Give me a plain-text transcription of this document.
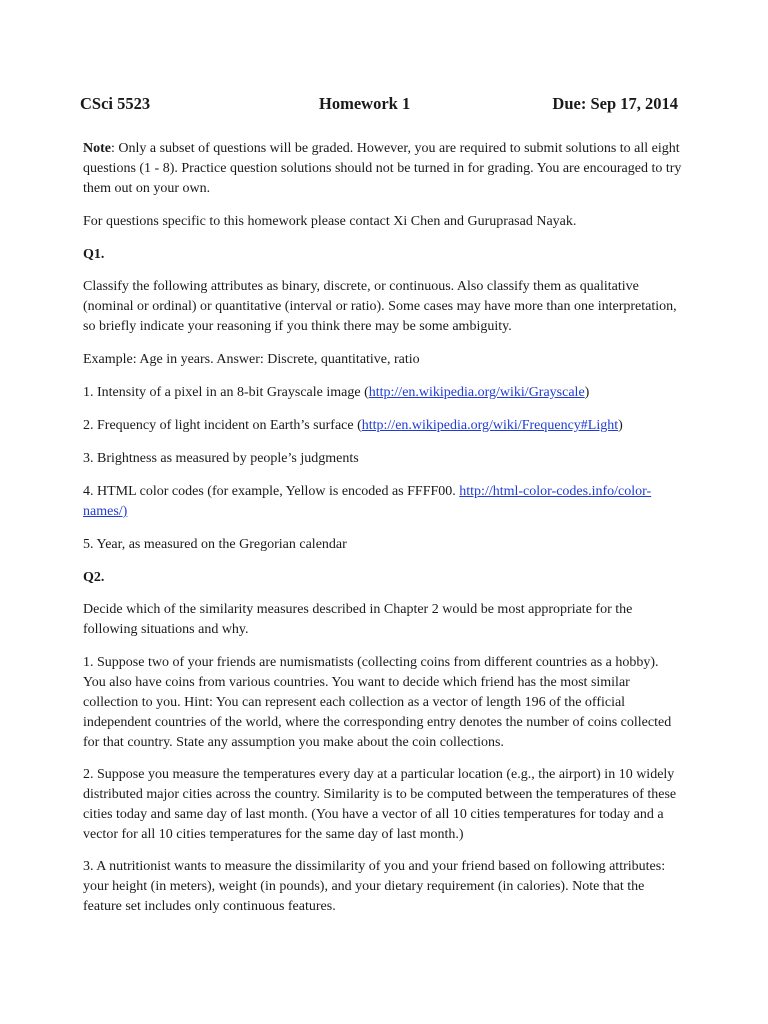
CSci 5523	Homework 1	Due: Sep 17, 2014

Note: Only a subset of questions will be graded. However, you are required to submit solutions to all eight questions (1 - 8). Practice question solutions should not be turned in for grading. You are encouraged to try them out on your own.

For questions specific to this homework please contact Xi Chen and Guruprasad Nayak.

Q1.

Classify the following attributes as binary, discrete, or continuous. Also classify them as qualitative (nominal or ordinal) or quantitative (interval or ratio). Some cases may have more than one interpretation, so briefly indicate your reasoning if you think there may be some ambiguity.

Example: Age in years. Answer: Discrete, quantitative, ratio

1. Intensity of a pixel in an 8-bit Grayscale image (http://en.wikipedia.org/wiki/Grayscale)

2. Frequency of light incident on Earth’s surface (http://en.wikipedia.org/wiki/Frequency#Light)

3. Brightness as measured by people’s judgments

4. HTML color codes (for example, Yellow is encoded as FFFF00. http://html-color-codes.info/color-names/)

5. Year, as measured on the Gregorian calendar

Q2.

Decide which of the similarity measures described in Chapter 2 would be most appropriate for the following situations and why.

1. Suppose two of your friends are numismatists (collecting coins from different countries as a hobby). You also have coins from various countries. You want to decide which friend has the most similar collection to you. Hint: You can represent each collection as a vector of length 196 of the official independent countries of the world, where the corresponding entry denotes the number of coins collected for that country. State any assumption you make about the coin collections.

2. Suppose you measure the temperatures every day at a particular location (e.g., the airport) in 10 widely distributed major cities across the country. Similarity is to be computed between the temperatures of these cities today and same day of last month. (You have a vector of all 10 cities temperatures for today and a vector for all 10 cities temperatures for the same day of last month.)

3. A nutritionist wants to measure the dissimilarity of you and your friend based on following attributes: your height (in meters), weight (in pounds), and your dietary requirement (in calories). Note that the feature set includes only continuous features.
